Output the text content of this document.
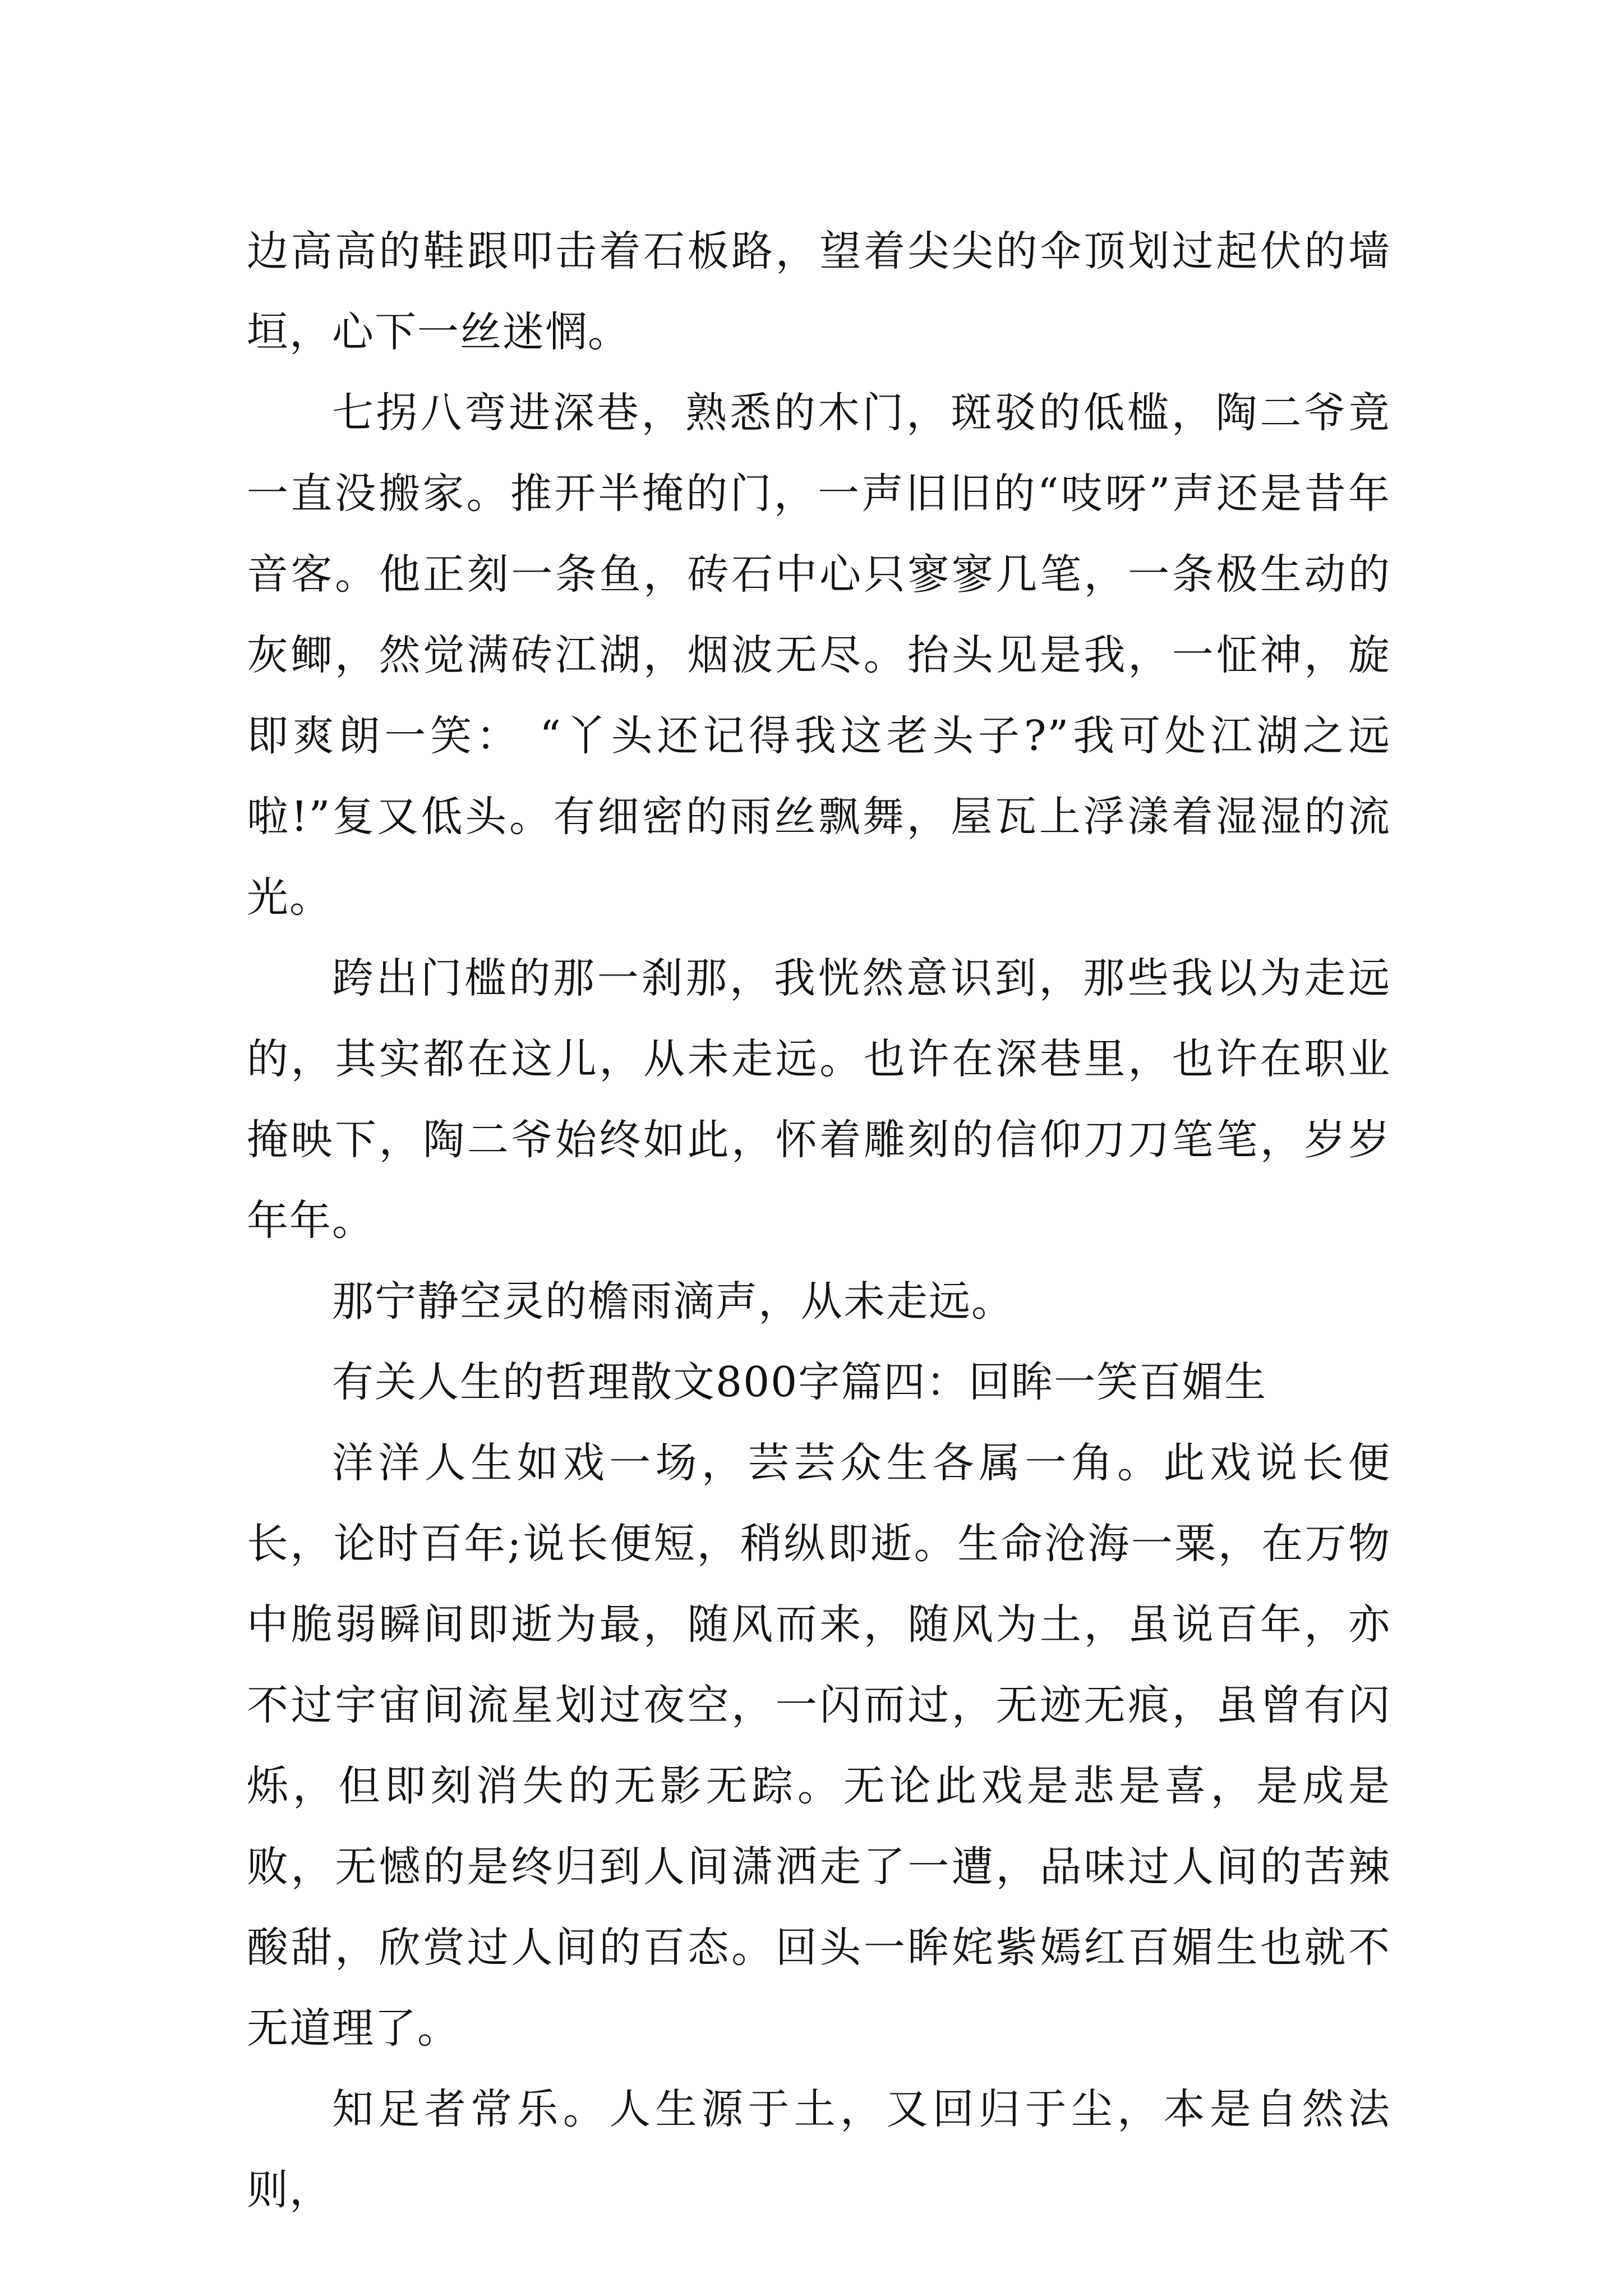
边高高的鞋跟叩击着石板路，望着尖尖的伞顶划过起伏的墙垣，心下一丝迷惘。

七拐八弯进深巷，熟悉的木门，斑驳的低槛，陶二爷竟一直没搬家。推开半掩的门，一声旧旧的“吱呀”声还是昔年音客。他正刻一条鱼，砖石中心只寥寥几笔，一条极生动的灰鲫，然觉满砖江湖，烟波无尽。抬头见是我，一怔神，旋即爽朗一笑： “丫头还记得我这老头子?”我可处江湖之远啦!”复又低头。有细密的雨丝飘舞，屋瓦上浮漾着湿湿的流光。

跨出门槛的那一刹那，我恍然意识到，那些我以为走远的，其实都在这儿，从未走远。也许在深巷里，也许在职业掩映下，陶二爷始终如此，怀着雕刻的信仰刀刀笔笔，岁岁年年。

那宁静空灵的檐雨滴声，从未走远。

有关人生的哲理散文800字篇四：回眸一笑百媚生

洋洋人生如戏一场，芸芸众生各属一角。此戏说长便长，论时百年;说长便短，稍纵即逝。生命沧海一粟，在万物中脆弱瞬间即逝为最，随风而来，随风为土，虽说百年，亦不过宇宙间流星划过夜空，一闪而过，无迹无痕，虽曾有闪烁，但即刻消失的无影无踪。无论此戏是悲是喜，是成是败，无憾的是终归到人间潇洒走了一遭，品味过人间的苦辣酸甜，欣赏过人间的百态。回头一眸姹紫嫣红百媚生也就不无道理了。

知足者常乐。人生源于土，又回归于尘，本是自然法则，
